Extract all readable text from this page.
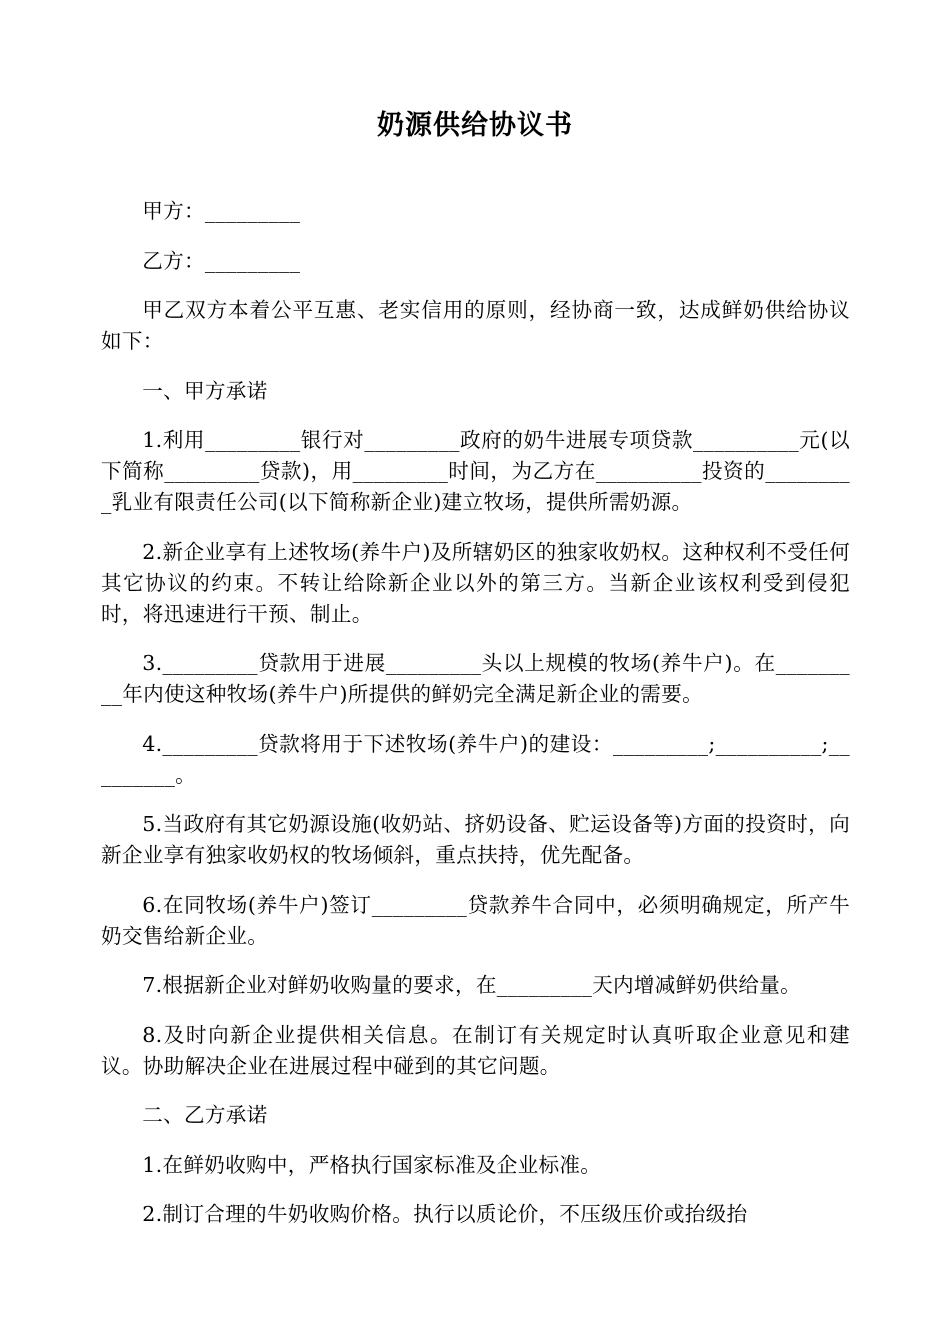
奶源供给协议书

甲方：_________

乙方：_________

甲乙双方本着公平互惠、老实信用的原则，经协商一致，达成鲜奶供给协议如下：

一、甲方承诺

1.利用_________银行对_________政府的奶牛进展专项贷款__________元(以下简称_________贷款)，用_________时间，为乙方在__________投资的_________乳业有限责任公司(以下简称新企业)建立牧场，提供所需奶源。

2.新企业享有上述牧场(养牛户)及所辖奶区的独家收奶权。这种权利不受任何其它协议的约束。不转让给除新企业以外的第三方。当新企业该权利受到侵犯时，将迅速进行干预、制止。

3._________贷款用于进展_________头以上规模的牧场(养牛户)。在_________年内使这种牧场(养牛户)所提供的鲜奶完全满足新企业的需要。

4._________贷款将用于下述牧场(养牛户)的建设：_________;__________;_________。

5.当政府有其它奶源设施(收奶站、挤奶设备、贮运设备等)方面的投资时，向新企业享有独家收奶权的牧场倾斜，重点扶持，优先配备。

6.在同牧场(养牛户)签订_________贷款养牛合同中，必须明确规定，所产牛奶交售给新企业。

7.根据新企业对鲜奶收购量的要求，在_________天内增减鲜奶供给量。

8.及时向新企业提供相关信息。在制订有关规定时认真听取企业意见和建议。协助解决企业在进展过程中碰到的其它问题。

二、乙方承诺

1.在鲜奶收购中，严格执行国家标准及企业标准。

2.制订合理的牛奶收购价格。执行以质论价，不压级压价或抬级抬
